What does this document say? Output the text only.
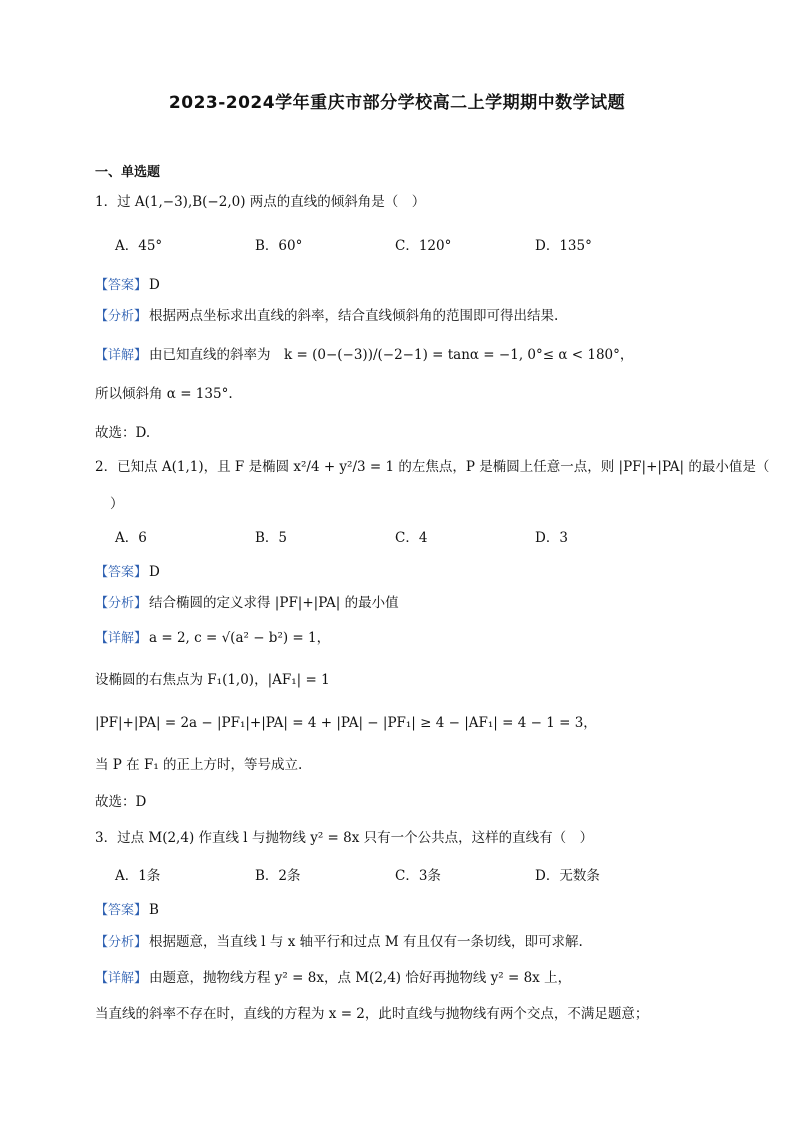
2023-2024学年重庆市部分学校高二上学期期中数学试题
一、单选题
1．过 A(1,−3),B(−2,0) 两点的直线的倾斜角是（　）
A．45°	B．60°	C．120°	D．135°
【答案】 D
【分析】 根据两点坐标求出直线的斜率，结合直线倾斜角的范围即可得出结果.
【详解】 由已知直线的斜率为　k = (0−(−3))/(−2−1) = tanα = −1, 0°≤ α < 180°，
所以倾斜角 α = 135°.
故选：D.
2．已知点 A(1,1)，且 F 是椭圆 x²/4 + y²/3 = 1 的左焦点，P 是椭圆上任意一点，则 |PF|+|PA| 的最小值是（
）
A．6	B．5	C．4	D．3
【答案】 D
【分析】 结合椭圆的定义求得 |PF|+|PA| 的最小值
【详解】 a = 2, c = √(a² − b²) = 1，
设椭圆的右焦点为 F₁(1,0)，|AF₁| = 1
|PF|+|PA| = 2a − |PF₁|+|PA| = 4 + |PA| − |PF₁| ≥ 4 − |AF₁| = 4 − 1 = 3，
当 P 在 F₁ 的正上方时，等号成立.
故选：D
3．过点 M(2,4) 作直线 l 与抛物线 y² = 8x 只有一个公共点，这样的直线有（　）
A．1条	B．2条	C．3条	D．无数条
【答案】 B
【分析】 根据题意，当直线 l 与 x 轴平行和过点 M 有且仅有一条切线，即可求解.
【详解】 由题意，抛物线方程 y² = 8x，点 M(2,4) 恰好再抛物线 y² = 8x 上，
当直线的斜率不存在时，直线的方程为 x = 2，此时直线与抛物线有两个交点，不满足题意；
